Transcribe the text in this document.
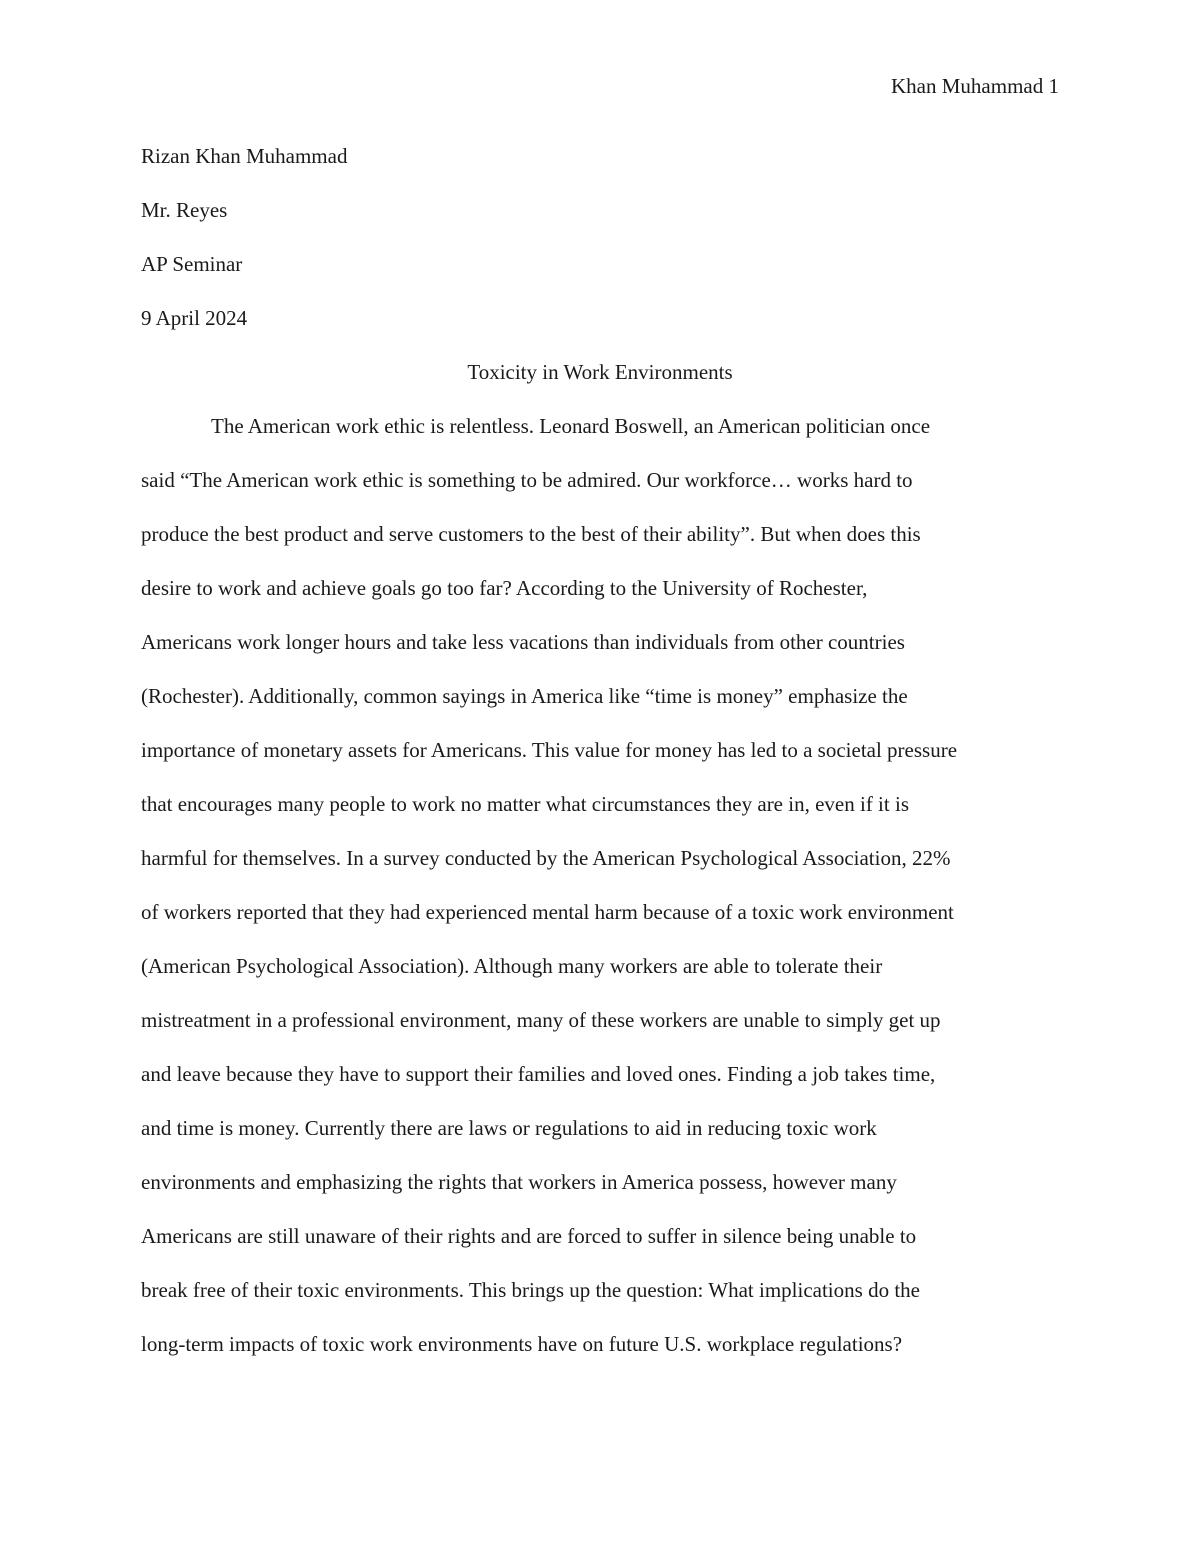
Khan Muhammad 1
Rizan Khan Muhammad
Mr. Reyes
AP Seminar
9 April 2024
Toxicity in Work Environments
The American work ethic is relentless. Leonard Boswell, an American politician once
said “The American work ethic is something to be admired. Our workforce… works hard to
produce the best product and serve customers to the best of their ability”. But when does this
desire to work and achieve goals go too far? According to the University of Rochester,
Americans work longer hours and take less vacations than individuals from other countries
(Rochester). Additionally, common sayings in America like “time is money” emphasize the
importance of monetary assets for Americans. This value for money has led to a societal pressure
that encourages many people to work no matter what circumstances they are in, even if it is
harmful for themselves. In a survey conducted by the American Psychological Association, 22%
of workers reported that they had experienced mental harm because of a toxic work environment
(American Psychological Association). Although many workers are able to tolerate their
mistreatment in a professional environment, many of these workers are unable to simply get up
and leave because they have to support their families and loved ones. Finding a job takes time,
and time is money. Currently there are laws or regulations to aid in reducing toxic work
environments and emphasizing the rights that workers in America possess, however many
Americans are still unaware of their rights and are forced to suffer in silence being unable to
break free of their toxic environments. This brings up the question: What implications do the
long-term impacts of toxic work environments have on future U.S. workplace regulations?
